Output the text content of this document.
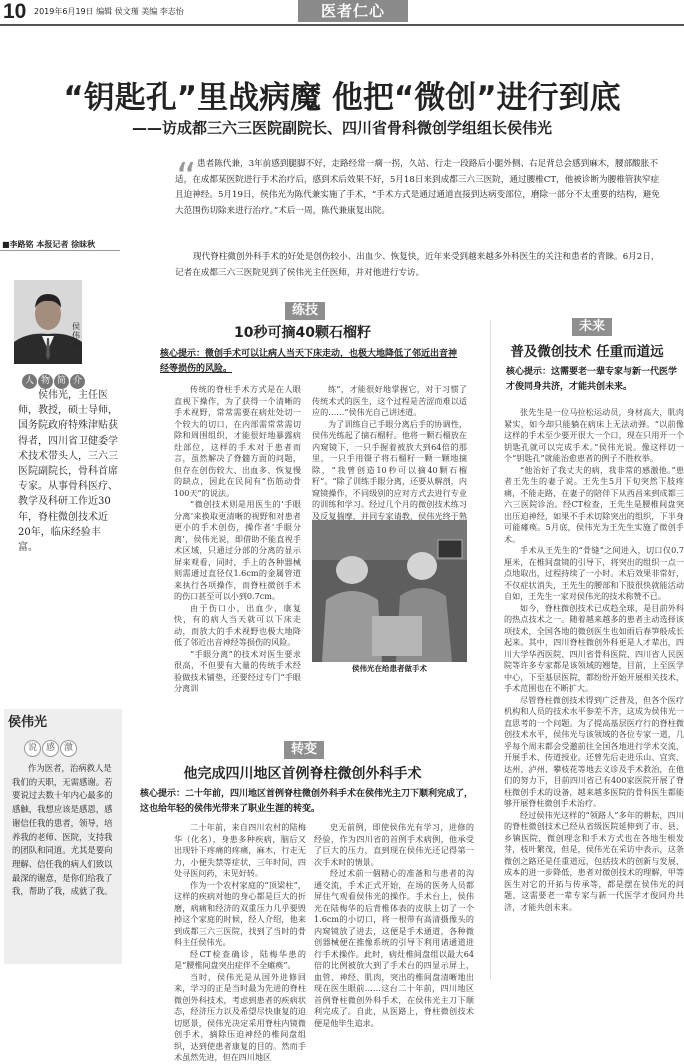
10 2019年6月19日 编辑 侯文瑾 美编 李志怡	医者仁心
“钥匙孔”里战病魔 他把“微创”进行到底
——访成都三六三医院副院长、四川省骨科微创学组组长侯伟光
“ 患者陈代兼，3年前感到腿脚不好，走路经常一瘸一拐，久站、行走一段路后小腿外侧、右足背总会感到麻木，腰部酸胀不适，在成都某医院进行手术治疗后，感到术后效果不好，5月18日来到成都三六三医院，通过腰椎CT，他被诊断为腰椎管狭窄症且迫神经。5月19日，侯伟光为陈代兼实施了手术，“手术方式是通过通道直接到达病变部位，磨除一部分不太重要的结构，避免大范围伤切除来进行治疗。”术后一周，陈代兼康复出院。
现代脊柱微创外科手术的好处是创伤较小、出血少、恢复快，近年来受到越来越多外科医生的关注和患者的青睐。6月2日，记者在成都三六三医院见到了侯伟光主任医师，并对他进行专访。
■李路铭 本报记者 徐昧秋
侯伟光
人 物 简 介
侯伟光，主任医师，教授，硕士导师，国务院政府特殊津贴获得者，四川省卫健委学术技术带头人，三六三医院副院长，骨科首席专家。从事骨科医疗、教学及科研工作近30年，脊柱微创技术近20年，临床经验丰富。
侯伟光
说 感 激
作为医者，治病救人是我们的天职，无需感谢。若要说过去数十年内心最多的感触，我想应该是感恩，感谢信任我的患者，领导，培养我的老师、医院，支持我的团队和同道。尤其是要向理解、信任我的病人们致以最深的谢意，是你们给我了我，帮助了我，成就了我。
练技
10秒可摘40颗石榴籽
核心提示：微创手术可以让病人当天下床走动，也极大地降低了邻近出音神经等损伤的风险。

传统的脊柱手术方式是在人眼直视下操作，为了获得一个清晰的手术视野，常常需要在病灶处切一个较大的切口，在内部需常常需切除和周围组织，才能很好地暴露病灶部位，这样的手术对于患者而言，虽然解决了脊髓方面的问题，但存在创伤较大、出血多、恢复慢的缺点，因此在民间有“伤筋动骨100天”的说法。

“微创技术则是用医生的‘手眼分离’来换取更清晰的视野和对患者更小的手术创伤，操作者‘手眼分离’，侯伟光说，即借助不能直视手术区域，只通过分部的分离的显示屏来观看，同时，手上的各种器械则需通过直径仅1.6cm的金属管道来执行各项操作，而脊柱微创手术的伤口甚至可以小到0.7cm。

由于伤口小，出血少，康复快，有的病人当天就可以下床走动，而放大的手术视野也极大地降低了邻近出音神经等损伤的风险。

“手眼分离”的技术对医生要求很高，不但要有大量的传统手术经验做技术铺垫，还要经过专门“手眼分离训

练”，才能很好地掌握它，对于习惯了传统术式的医生，这个过程是苦涩而难以适应的……“侯伟光自己讲述道。

为了训练自己手眼分离后手的协调性，侯伟光练起了摘石榴籽。他将一颗石榴放在内窥镜下，一只手握着被放大到64倍的那里，一只手用镊子将石榴籽一颗一颗地摘除，“我曾创造10秒可以摘40颗石榴籽”。“除了训练手眼分离，还要从解剖，内窥镜操作，不同级别的应对方式去进行专业的训练和学习。经过几个月的微创技术练习及反复揣摩，并同专家请教，侯伟光终于熟

侯伟光在给患者做手术
未来
普及微创技术 任重而道远
核心提示：这需要老一辈专家与新一代医学才俊同身共济，才能共创未来。

张先生是一位马拉松运动员，身材高大，肌肉紧实，如今却只能躺在病床上无法动弹。“以前像这样的手术至少要开很大一个口，现在只用开一个钥匙孔就可以完成手术。”侯伟光说。像这样切一个“钥匙孔”就能治愈患者的例子不胜枚举。

“他治好了我丈夫的病，我非常的感激他。”患者王先生的妻子说。王先生5月下旬突然下肢疼痛，不能走路，在妻子的陪伴下从西昌来到成都三六三医院诊治。经CT检查，王先生是腰椎间盘突出压迫神经，如果不手术切除突出的组织，下半身可能瘫痪。5月底，侯伟光为王先生实施了微创手术。

手术从王先生的“骨缝”之间进入，切口仅0.7厘米，在椎间盘镜的引导下，将突出的组织一点一点地取出，过程持续了一小时。术后效果非常好，不仅症状消失，王先生的腰部和下肢很快就能活动自如，王先生一家对侯伟光的技术称赞不已。

如今，脊柱微创技术已成趋全球，是目前外科的热点技术之一。随着越来越多的患者主动选择该项技术，全国各地的微创医生也如雨后春笋般成长起来。其中，四川脊柱微创外科更是人才辈出，四川大学华西医院、四川省骨科医院、四川省人民医院等许多专家都是该领域的翘楚，目前，上至医学中心，下至基层医院，都纷纷开始开展相关技术，手术范围也在不断扩大。

尽管脊柱微创技术得到广泛普及，但各个医疗机构和人员的技术水平参差不齐，这成为侯伟光一直思考的一个问题。为了提高基层医疗行的脊柱微创技术水平，侯伟光与该领域的各位专家一道，几乎每个周末都会受邀前往全国各地进行学术交流、开展手术、传道授业。还曾先后走进乐山、宜宾、达州、泸州、攀枝花等地去义诊及手术救治，在他们的努力下，目前四川省已有400家医院开展了脊柱微创手术的设备，越来越多医院的骨科医生都能够开展脊柱微创手术治疗。

经过侯伟光这样的“领路人”多年的耕耘，四川的脊柱微创技术已经从省级医院延伸到了市、县、乡镇医院，微创理念和手术方式也在各地生根发芽，枝叶繁茂，但是，侯伟光在采访中表示，这条微创之路还是任重道远，包括技术的创新与发展、成本的进一步降低，患者对微创技术的理解，甲等医生对它的开拓与传承等，都是摆在侯伟光的问题，这需要老一辈专家与新一代医学才俊同舟共济，才能共创未来。

转变
他完成四川地区首例脊柱微创外科手术
核心提示：二十年前，四川地区首例脊柱微创外科手术在侯伟光主刀下顺利完成了，这也给年轻的侯伟光带来了职业生涯的转变。

二十年前，来自四川农村的陆梅华（化名），身患多种疾病，脑后又出现针下疼痛的疼痛，麻木，行走无力，小便失禁等症状，三年时间，四处寻医问药，未见好转。

作为一个农村家庭的“顶梁柱”，这样的疾病对他的身心都是巨大的折磨，病痛和经济的双重压力几乎要毁掉这个家庭的时候，经人介绍，他来到成都三六三医院，找到了当时的骨科主任侯伟光。

经CT检查确诊，陆梅华患的是“腰椎间盘突出症伴不全瘫痪”。

当时，侯伟光是从国外进修回来，学习的正是当时最为先进的脊柱微创外科技术，考虑到患者的疾病状态，经济压力以及希望尽快康复的迫切愿景，侯伟光决定采用脊柱内镜微创手术，摘除压迫神经的椎间盘组织，达到使患者康复的目的。然而手术虽然先进，但在四川地区

史无前例，即使侯伟光有学习，进修的经验，作为四川省的首例手术病例，他承受了巨大的压力，直到现在侯伟光还记得第一次手术时的情景。

经过术前一個精心的准备和与患者的沟通交流，手术正式开始，在场的医务人员都屏住气观看侯伟光的操作。手术台上，侯伟光在陆梅华的后背椎体表的皮肤上切了一个1.6cm的小切口，将一根带有高清摄像头的内窥镜放了进去，这便是手术通道，各种微创器械便在推像系统的引导下利用诸通道进行手术操作。此时，病灶椎间盘组以最大64倍的比例被放大到了手术台的四显示屏上，血管、神经、肌肉，突出的椎间盘清晰地出现在医生眼前……这台二十年前，四川地区首例脊柱微创外科手术，在侯伟光主刀下顺利完成了。自此，从医路上，脊柱微创技术便是他毕生追求。
